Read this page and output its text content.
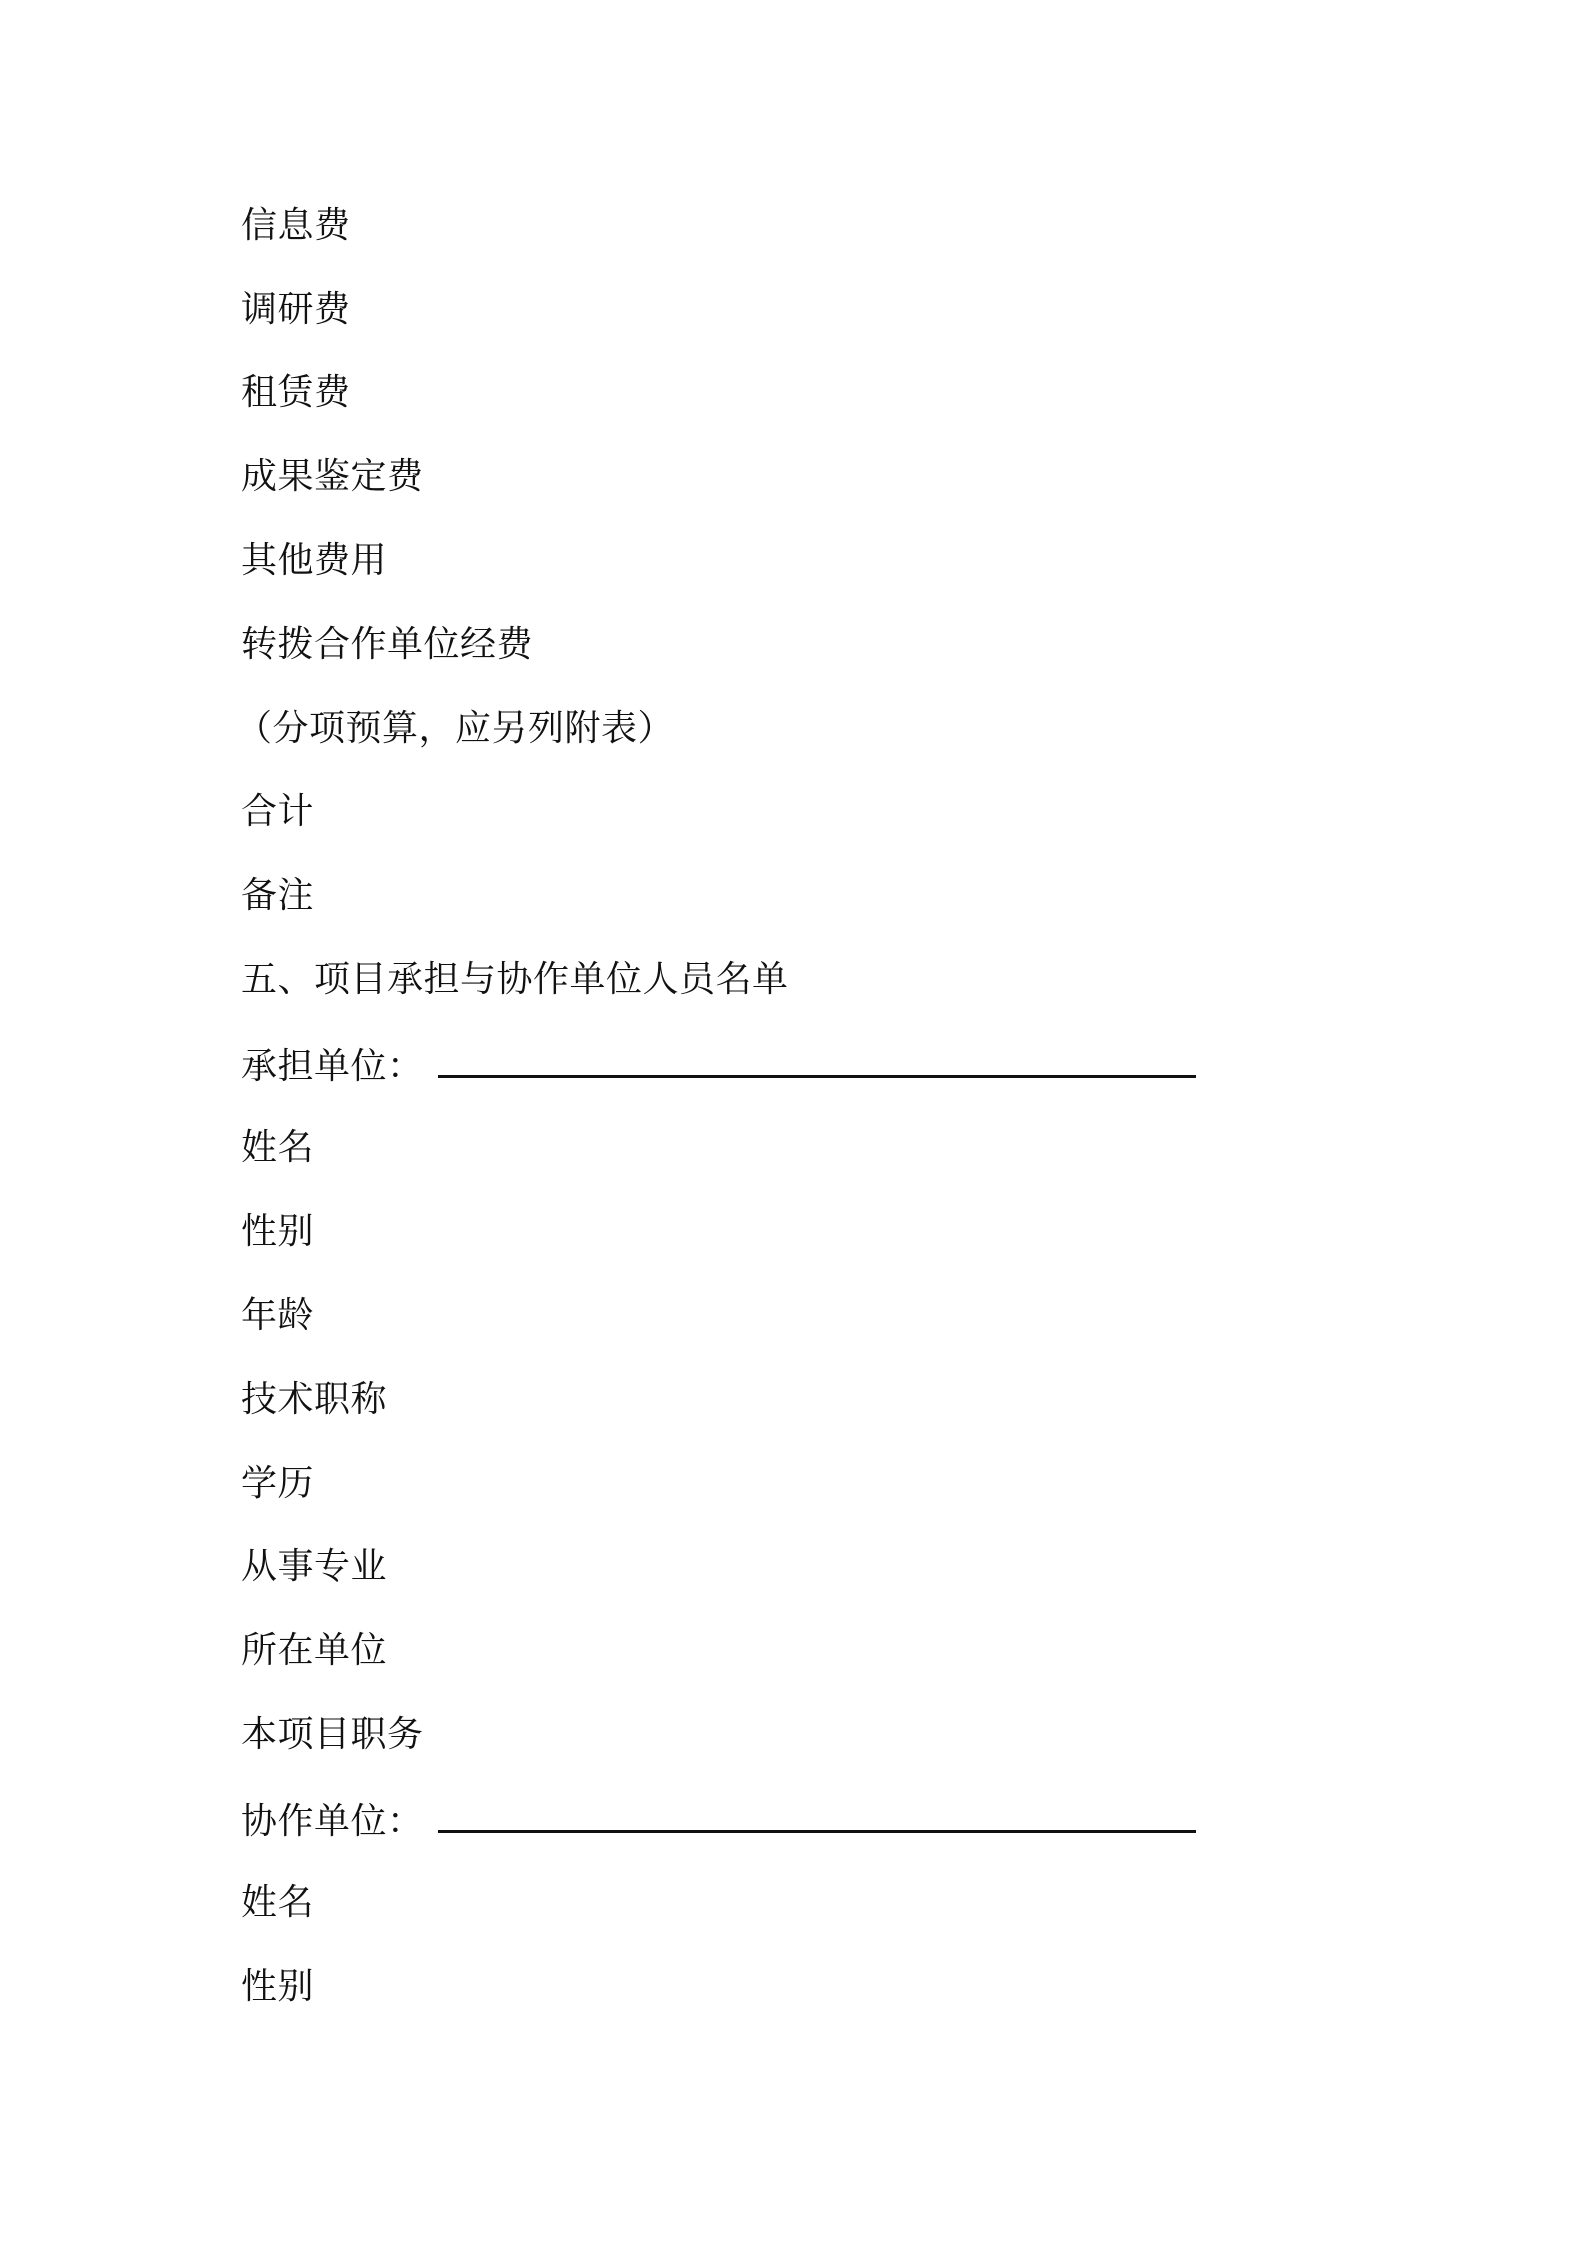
信息费
调研费
租赁费
成果鉴定费
其他费用
转拨合作单位经费
（分项预算，应另列附表）
合计
备注
五、项目承担与协作单位人员名单
承担单位：
姓名
性别
年龄
技术职称
学历
从事专业
所在单位
本项目职务
协作单位：
姓名
性别
